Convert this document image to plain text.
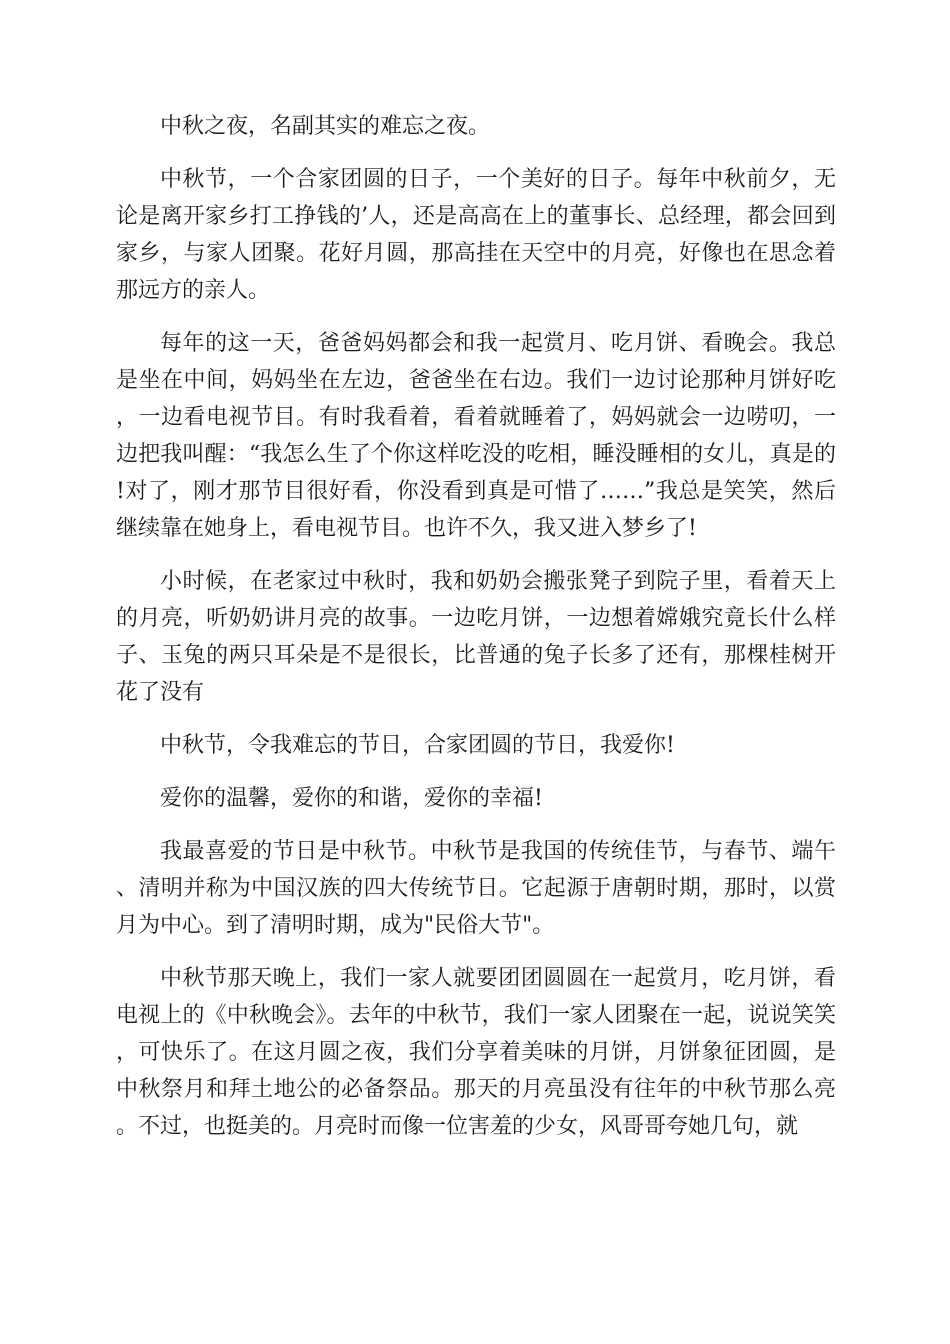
中秋之夜，名副其实的难忘之夜。

中秋节，一个合家团圆的日子，一个美好的日子。每年中秋前夕，无论是离开家乡打工挣钱的’人，还是高高在上的董事长、总经理，都会回到家乡，与家人团聚。花好月圆，那高挂在天空中的月亮，好像也在思念着那远方的亲人。

每年的这一天，爸爸妈妈都会和我一起赏月、吃月饼、看晚会。我总是坐在中间，妈妈坐在左边，爸爸坐在右边。我们一边讨论那种月饼好吃，一边看电视节目。有时我看着，看着就睡着了，妈妈就会一边唠叨，一边把我叫醒：“我怎么生了个你这样吃没的吃相，睡没睡相的女儿，真是的!对了，刚才那节目很好看，你没看到真是可惜了……”我总是笑笑，然后继续靠在她身上，看电视节目。也许不久，我又进入梦乡了!

小时候，在老家过中秋时，我和奶奶会搬张凳子到院子里，看着天上的月亮，听奶奶讲月亮的故事。一边吃月饼，一边想着嫦娥究竟长什么样子、玉兔的两只耳朵是不是很长，比普通的兔子长多了还有，那棵桂树开花了没有

中秋节，令我难忘的节日，合家团圆的节日，我爱你!

爱你的温馨，爱你的和谐，爱你的幸福!

我最喜爱的节日是中秋节。中秋节是我国的传统佳节，与春节、端午、清明并称为中国汉族的四大传统节日。它起源于唐朝时期，那时，以赏月为中心。到了清明时期，成为"民俗大节"。

中秋节那天晚上，我们一家人就要团团圆圆在一起赏月，吃月饼，看电视上的《中秋晚会》。去年的中秋节，我们一家人团聚在一起，说说笑笑，可快乐了。在这月圆之夜，我们分享着美味的月饼，月饼象征团圆，是中秋祭月和拜土地公的必备祭品。那天的月亮虽没有往年的中秋节那么亮。不过，也挺美的。月亮时而像一位害羞的少女，风哥哥夸她几句，就
